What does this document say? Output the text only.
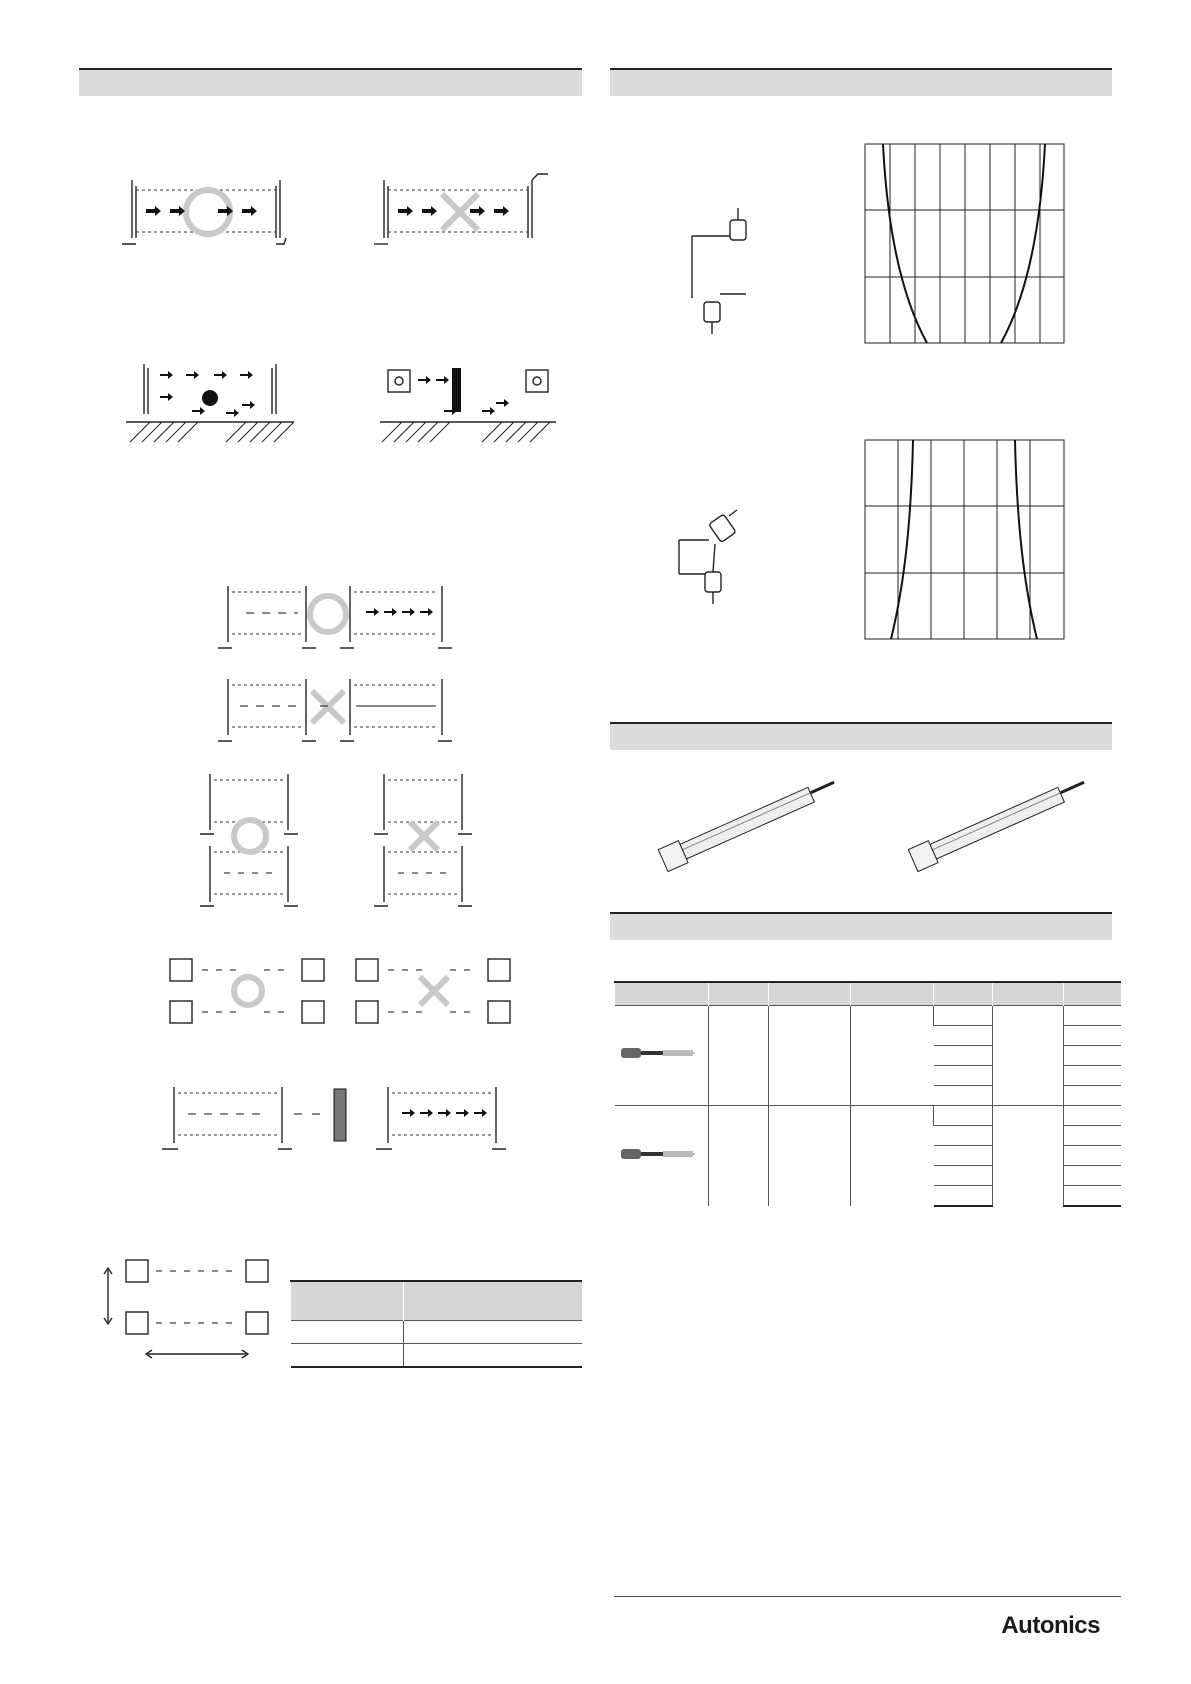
Autonics
